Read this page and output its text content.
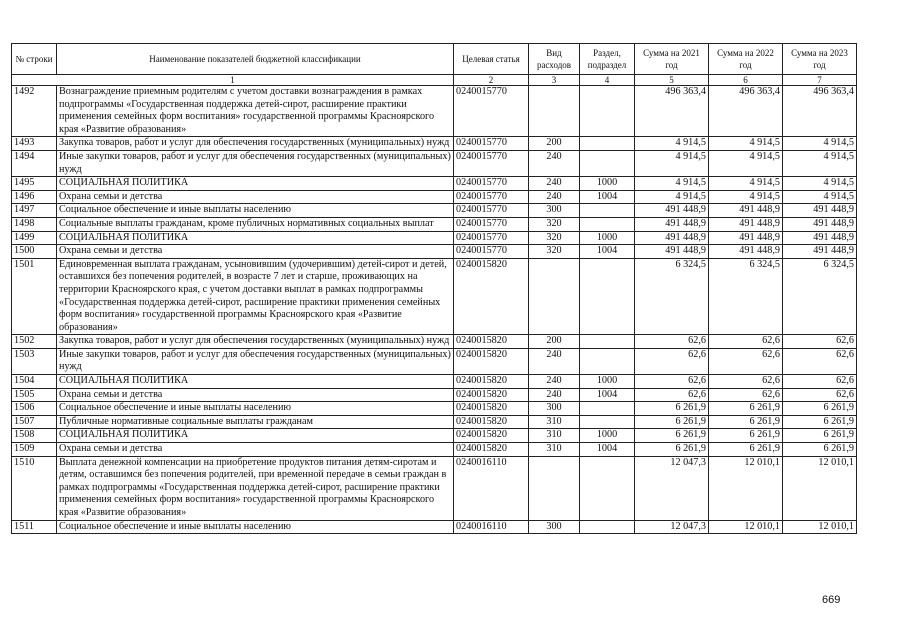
№ строки	Наименование показателей бюджетной классификации	Целевая статья	Вид расходов	Раздел, подраздел	Сумма на 2021 год	Сумма на 2022 год	Сумма на 2023 год
1		2	3	4	5	6	7
1492	Вознаграждение приемным родителям с учетом доставки вознаграждения в рамках подпрограммы «Государственная поддержка детей-сирот, расширение практики применения семейных форм воспитания» государственной программы Красноярского края «Развитие образования»	0240015770			496 363,4	496 363,4	496 363,4
1493	Закупка товаров, работ и услуг для обеспечения государственных (муниципальных) нужд	0240015770	200		4 914,5	4 914,5	4 914,5
1494	Иные закупки товаров, работ и услуг для обеспечения государственных (муниципальных) нужд	0240015770	240		4 914,5	4 914,5	4 914,5
1495	СОЦИАЛЬНАЯ ПОЛИТИКА	0240015770	240	1000	4 914,5	4 914,5	4 914,5
1496	Охрана семьи и детства	0240015770	240	1004	4 914,5	4 914,5	4 914,5
1497	Социальное обеспечение и иные выплаты населению	0240015770	300		491 448,9	491 448,9	491 448,9
1498	Социальные выплаты гражданам, кроме публичных нормативных социальных выплат	0240015770	320		491 448,9	491 448,9	491 448,9
1499	СОЦИАЛЬНАЯ ПОЛИТИКА	0240015770	320	1000	491 448,9	491 448,9	491 448,9
1500	Охрана семьи и детства	0240015770	320	1004	491 448,9	491 448,9	491 448,9
1501	Единовременная выплата гражданам, усыновившим (удочерившим) детей-сирот и детей, оставшихся без попечения родителей, в возрасте 7 лет и старше, проживающих на территории Красноярского края, с учетом доставки выплат в рамках подпрограммы «Государственная поддержка детей-сирот, расширение практики применения семейных форм воспитания» государственной программы Красноярского края «Развитие образования»	0240015820			6 324,5	6 324,5	6 324,5
1502	Закупка товаров, работ и услуг для обеспечения государственных (муниципальных) нужд	0240015820	200		62,6	62,6	62,6
1503	Иные закупки товаров, работ и услуг для обеспечения государственных (муниципальных) нужд	0240015820	240		62,6	62,6	62,6
1504	СОЦИАЛЬНАЯ ПОЛИТИКА	0240015820	240	1000	62,6	62,6	62,6
1505	Охрана семьи и детства	0240015820	240	1004	62,6	62,6	62,6
1506	Социальное обеспечение и иные выплаты населению	0240015820	300		6 261,9	6 261,9	6 261,9
1507	Публичные нормативные социальные выплаты гражданам	0240015820	310		6 261,9	6 261,9	6 261,9
1508	СОЦИАЛЬНАЯ ПОЛИТИКА	0240015820	310	1000	6 261,9	6 261,9	6 261,9
1509	Охрана семьи и детства	0240015820	310	1004	6 261,9	6 261,9	6 261,9
1510	Выплата денежной компенсации на приобретение продуктов питания детям-сиротам и детям, оставшимся без попечения родителей, при временной передаче в семьи граждан в рамках подпрограммы «Государственная поддержка детей-сирот, расширение практики применения семейных форм воспитания» государственной программы Красноярского края «Развитие образования»	0240016110			12 047,3	12 010,1	12 010,1
1511	Социальное обеспечение и иные выплаты населению	0240016110	300		12 047,3	12 010,1	12 010,1
669
